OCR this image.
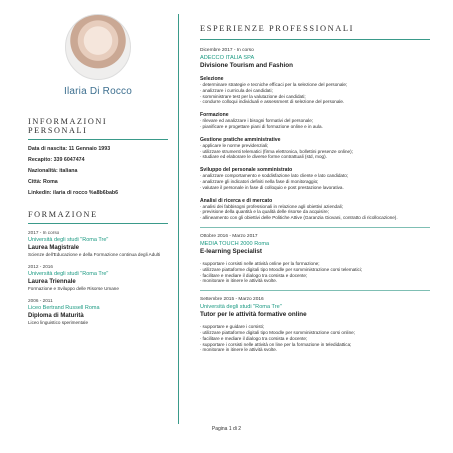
Ilaria Di Rocco
INFORMAZIONI PERSONALI
Data di nascita: 11 Gennaio 1993
Recapito: 339 6047474
Nazionalità: italiana
Città: Roma
Linkedin: ilaria di rocco %a8b6bab6
FORMAZIONE
2017 - In corso
Università degli studi "Roma Tre"
Laurea Magistrale
Scienze dell'Educazione e della Formazione continua degli Adulti
2012 - 2016
Università degli studi "Roma Tre"
Laurea Triennale
Formazione e Sviluppo delle Risorse Umane
2006 - 2011
Liceo Bertrand Russell Roma
Diploma di Maturità
Liceo linguistico sperimentale
ESPERIENZE PROFESSIONALI
Dicembre 2017 - In corso
ADECCO ITALIA SPA
Divisione Tourism and Fashion
Selezione
· determinare strategie e tecniche efficaci per la selezione del personale;
· analizzare i curricula dei candidati;
· somministrare test per la valutazione dei candidati;
· condurre colloqui individuali e assessment di selezione del personale.
Formazione
· rilevare ed analizzare i bisogni formativi del personale;
· pianificare e progettare piani di formazione online e in aula.
Gestione pratiche amministrative
· applicare le norme previdenziali;
· utilizzare strumenti telematici (firma elettronica, bollettini presenze online);
· studiare ed elaborare le diverse forme contrattuali (std, mog).
Sviluppo del personale somministrato
· analizzare comportamento e soddisfazione lato cliente e lato candidato;
· analizzare gli indicatori definiti nella fase di monitoraggio;
· valutare il personale in fase di colloquio e post prestazione lavorativa.
Analisi di ricerca e di mercato
· analisi dei fabbisogni professionali in relazione agli obiettivi aziendali;
· previsione della quantità e la qualità delle risorse da acquisire;
· allineamento con gli obiettivi delle Politiche Attive (Garanzia Giovani, contratto di ricollocazione).
Ottobre 2016 - Marzo 2017
MEDIA TOUCH 2000 Roma
E-learning Specialist
· supportare i corsisti nelle attività online per la formazione;
· utilizzare piattaforme digitali tipo Moodle per somministrazione corsi telematici;
· facilitare e mediare il dialogo tra corsista e docente;
· monitorare in itinere le attività svolte.
Settembre 2015 - Marzo 2016
Università degli studi "Roma Tre"
Tutor per le attività formative online
· supportare e guidare i corsisti;
· utilizzare piattaforme digitali tipo Moodle per somministrazione corsi online;
· facilitare e mediare il dialogo tra corsista e docente;
· supportare i corsisti nelle attività on line per la formazione in teledidattica;
· monitorare in itinere le attività svolte.
Pagina 1 di 2
